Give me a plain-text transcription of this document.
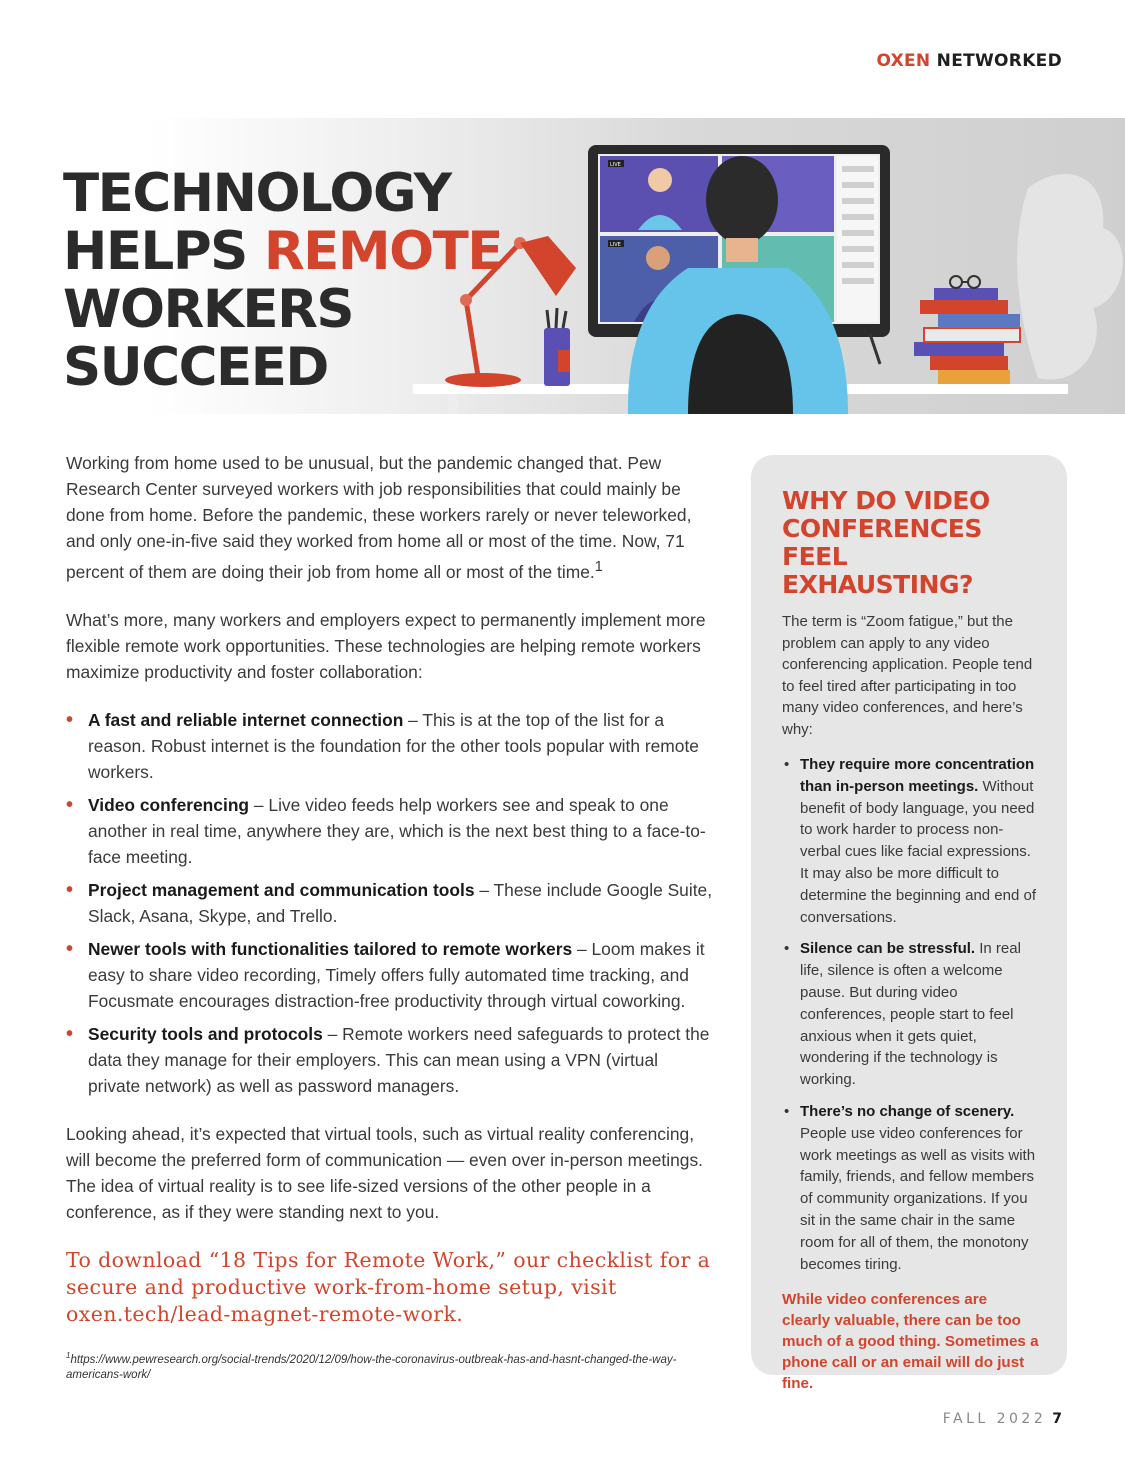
OXEN NETWORKED
LIVE
LIVE
TECHNOLOGY
HELPS REMOTE
WORKERS
SUCCEED

Working from home used to be unusual, but the pandemic changed that. Pew Research Center surveyed workers with job responsibilities that could mainly be done from home. Before the pandemic, these workers rarely or never teleworked, and only one-in-five said they worked from home all or most of the time. Now, 71 percent of them are doing their job from home all or most of the time.$^1$

What’s more, many workers and employers expect to permanently implement more flexible remote work opportunities. These technologies are helping remote workers maximize productivity and foster collaboration:

• A fast and reliable internet connection – This is at the top of the list for a reason. Robust internet is the foundation for the other tools popular with remote workers.
• Video conferencing – Live video feeds help workers see and speak to one another in real time, anywhere they are, which is the next best thing to a face-to-face meeting.
• Project management and communication tools – These include Google Suite, Slack, Asana, Skype, and Trello.
• Newer tools with functionalities tailored to remote workers – Loom makes it easy to share video recording, Timely offers fully automated time tracking, and Focusmate encourages distraction-free productivity through virtual coworking.
• Security tools and protocols – Remote workers need safeguards to protect the data they manage for their employers. This can mean using a VPN (virtual private network) as well as password managers.

Looking ahead, it’s expected that virtual tools, such as virtual reality conferencing, will become the preferred form of communication — even over in-person meetings. The idea of virtual reality is to see life-sized versions of the other people in a conference, as if they were standing next to you.

To download “18 Tips for Remote Work,” our checklist for a secure and productive work-from-home setup, visit oxen.tech/lead-magnet-remote-work.
$^1$https://www.pewresearch.org/social-trends/2020/12/09/how-the-coronavirus-outbreak-has-and-hasnt-changed-the-way-americans-work/
WHY DO VIDEO CONFERENCES FEEL EXHAUSTING?

The term is “Zoom fatigue,” but the problem can apply to any video conferencing application. People tend to feel tired after participating in too many video conferences, and here’s why:

• They require more concentration than in-person meetings. Without benefit of body language, you need to work harder to process non-verbal cues like facial expressions. It may also be more difficult to determine the beginning and end of conversations.
• Silence can be stressful. In real life, silence is often a welcome pause. But during video conferences, people start to feel anxious when it gets quiet, wondering if the technology is working.
• There’s no change of scenery. People use video conferences for work meetings as well as visits with family, friends, and fellow members of community organizations. If you sit in the same chair in the same room for all of them, the monotony becomes tiring.

While video conferences are clearly valuable, there can be too much of a good thing. Sometimes a phone call or an email will do just fine.

FALL 2022 7
